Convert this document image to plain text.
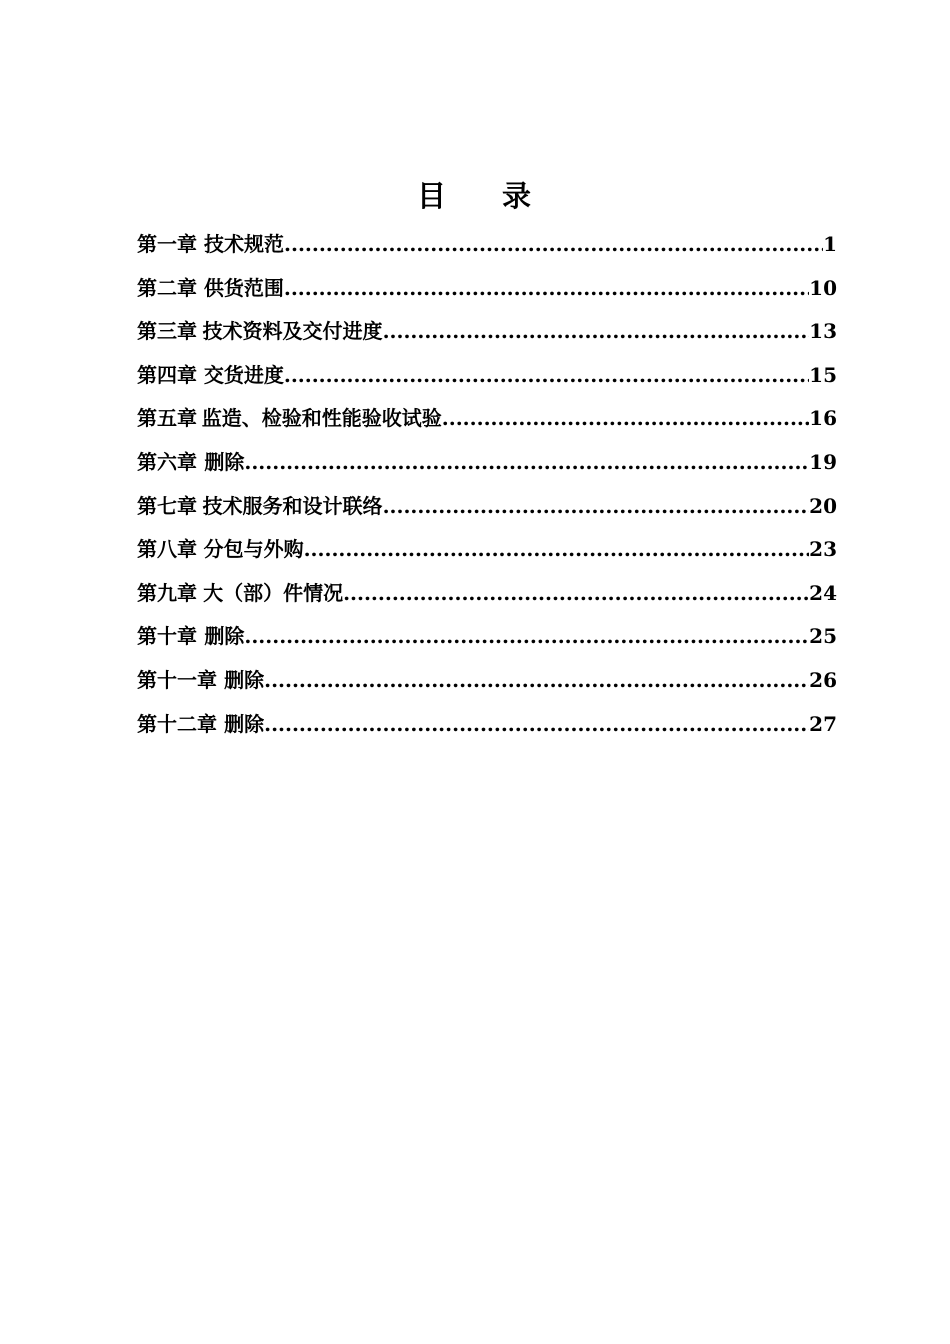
目 录
第一章 技术规范 .....	1
第二章 供货范围 .....	10
第三章 技术资料及交付进度 .....	13
第四章 交货进度 .....	15
第五章 监造、检验和性能验收试验 .....	16
第六章 删除 .....	19
第七章 技术服务和设计联络 .....	20
第八章 分包与外购 .....	23
第九章 大（部）件情况 .....	24
第十章 删除 .....	25
第十一章 删除 .....	26
第十二章 删除 .....	27
